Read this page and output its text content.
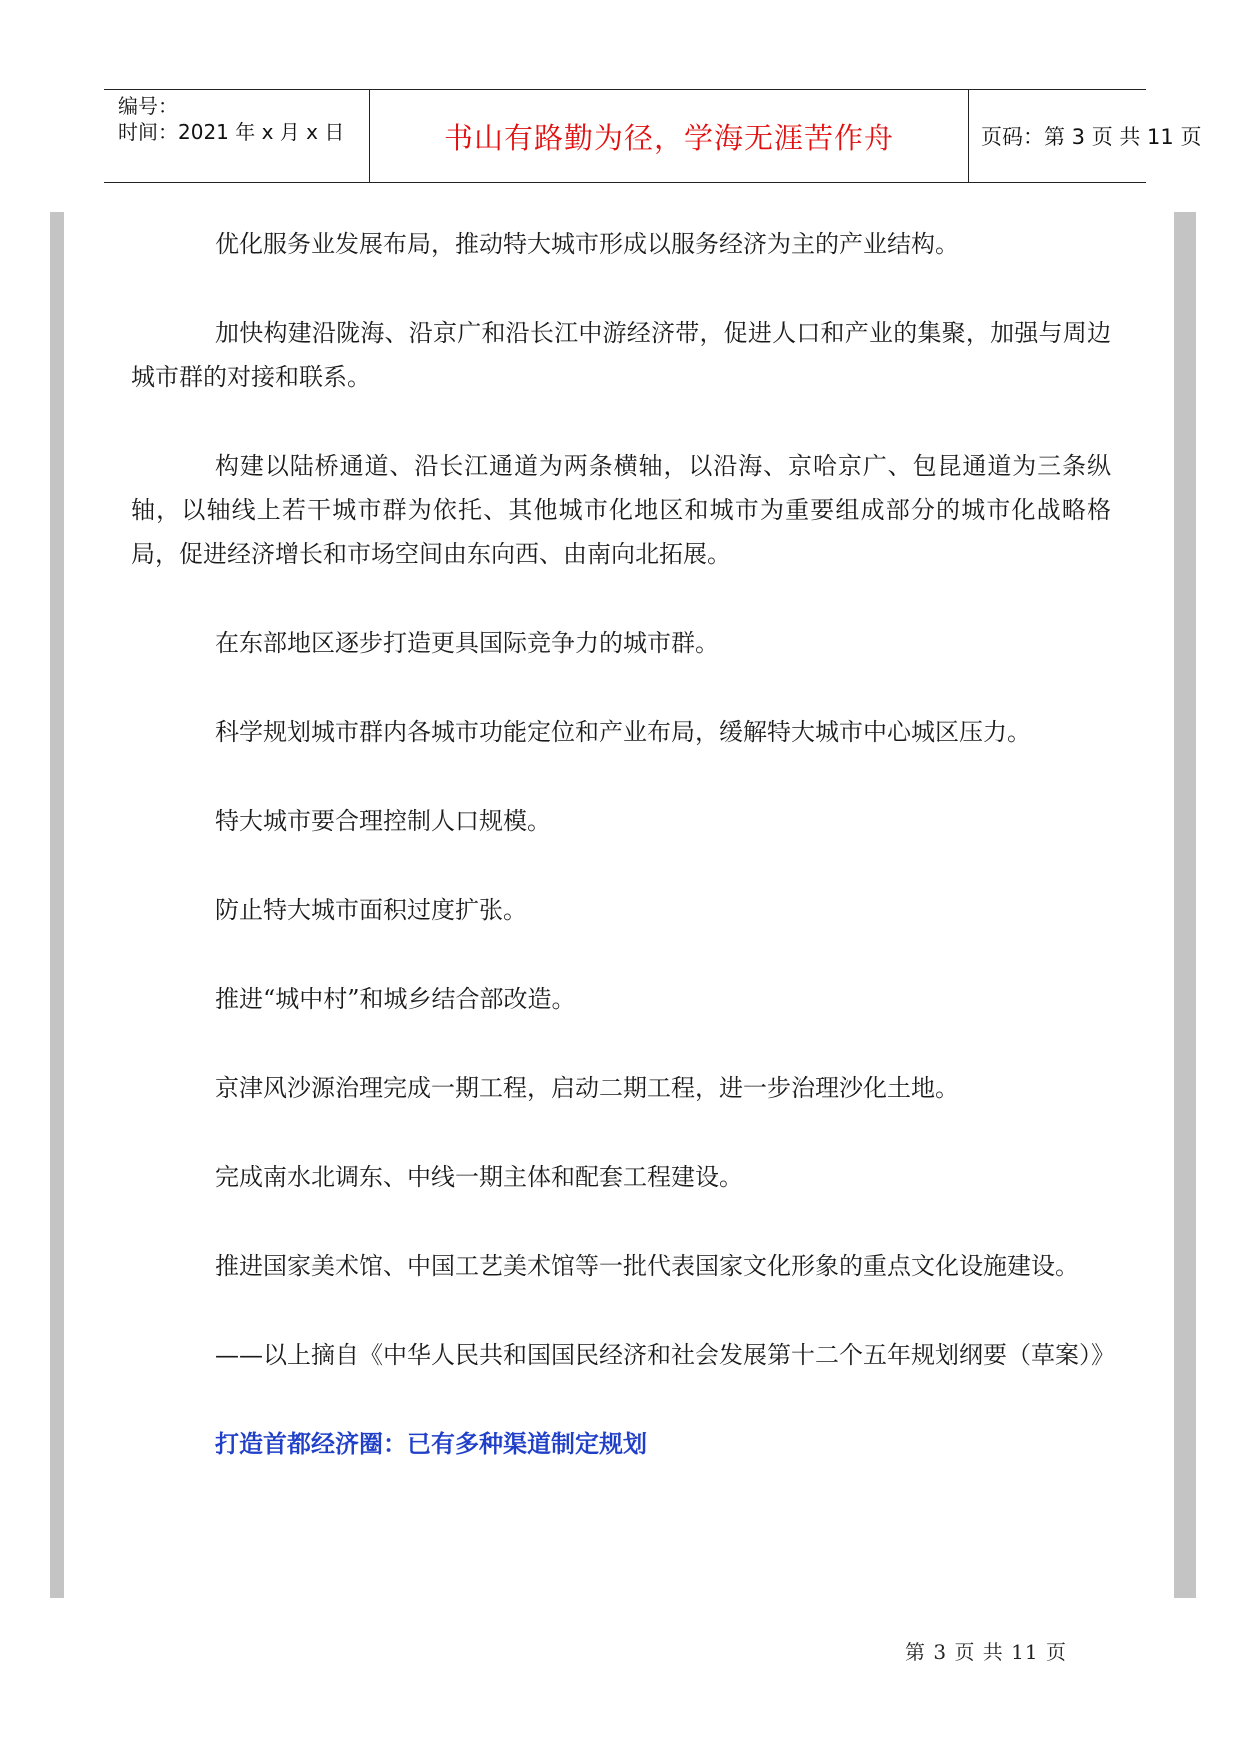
编号：
时间：2021 年 x 月 x 日	书山有路勤为径，学海无涯苦作舟	页码：第 3 页 共 11 页

优化服务业发展布局，推动特大城市形成以服务经济为主的产业结构。

加快构建沿陇海、沿京广和沿长江中游经济带，促进人口和产业的集聚，加强与周边城市群的对接和联系。

构建以陆桥通道、沿长江通道为两条横轴，以沿海、京哈京广、包昆通道为三条纵轴，以轴线上若干城市群为依托、其他城市化地区和城市为重要组成部分的城市化战略格局，促进经济增长和市场空间由东向西、由南向北拓展。

在东部地区逐步打造更具国际竞争力的城市群。

科学规划城市群内各城市功能定位和产业布局，缓解特大城市中心城区压力。

特大城市要合理控制人口规模。

防止特大城市面积过度扩张。

推进“城中村”和城乡结合部改造。

京津风沙源治理完成一期工程，启动二期工程，进一步治理沙化土地。

完成南水北调东、中线一期主体和配套工程建设。

推进国家美术馆、中国工艺美术馆等一批代表国家文化形象的重点文化设施建设。

——以上摘自《中华人民共和国国民经济和社会发展第十二个五年规划纲要（草案）》

打造首都经济圈：已有多种渠道制定规划

第 3 页 共 11 页
